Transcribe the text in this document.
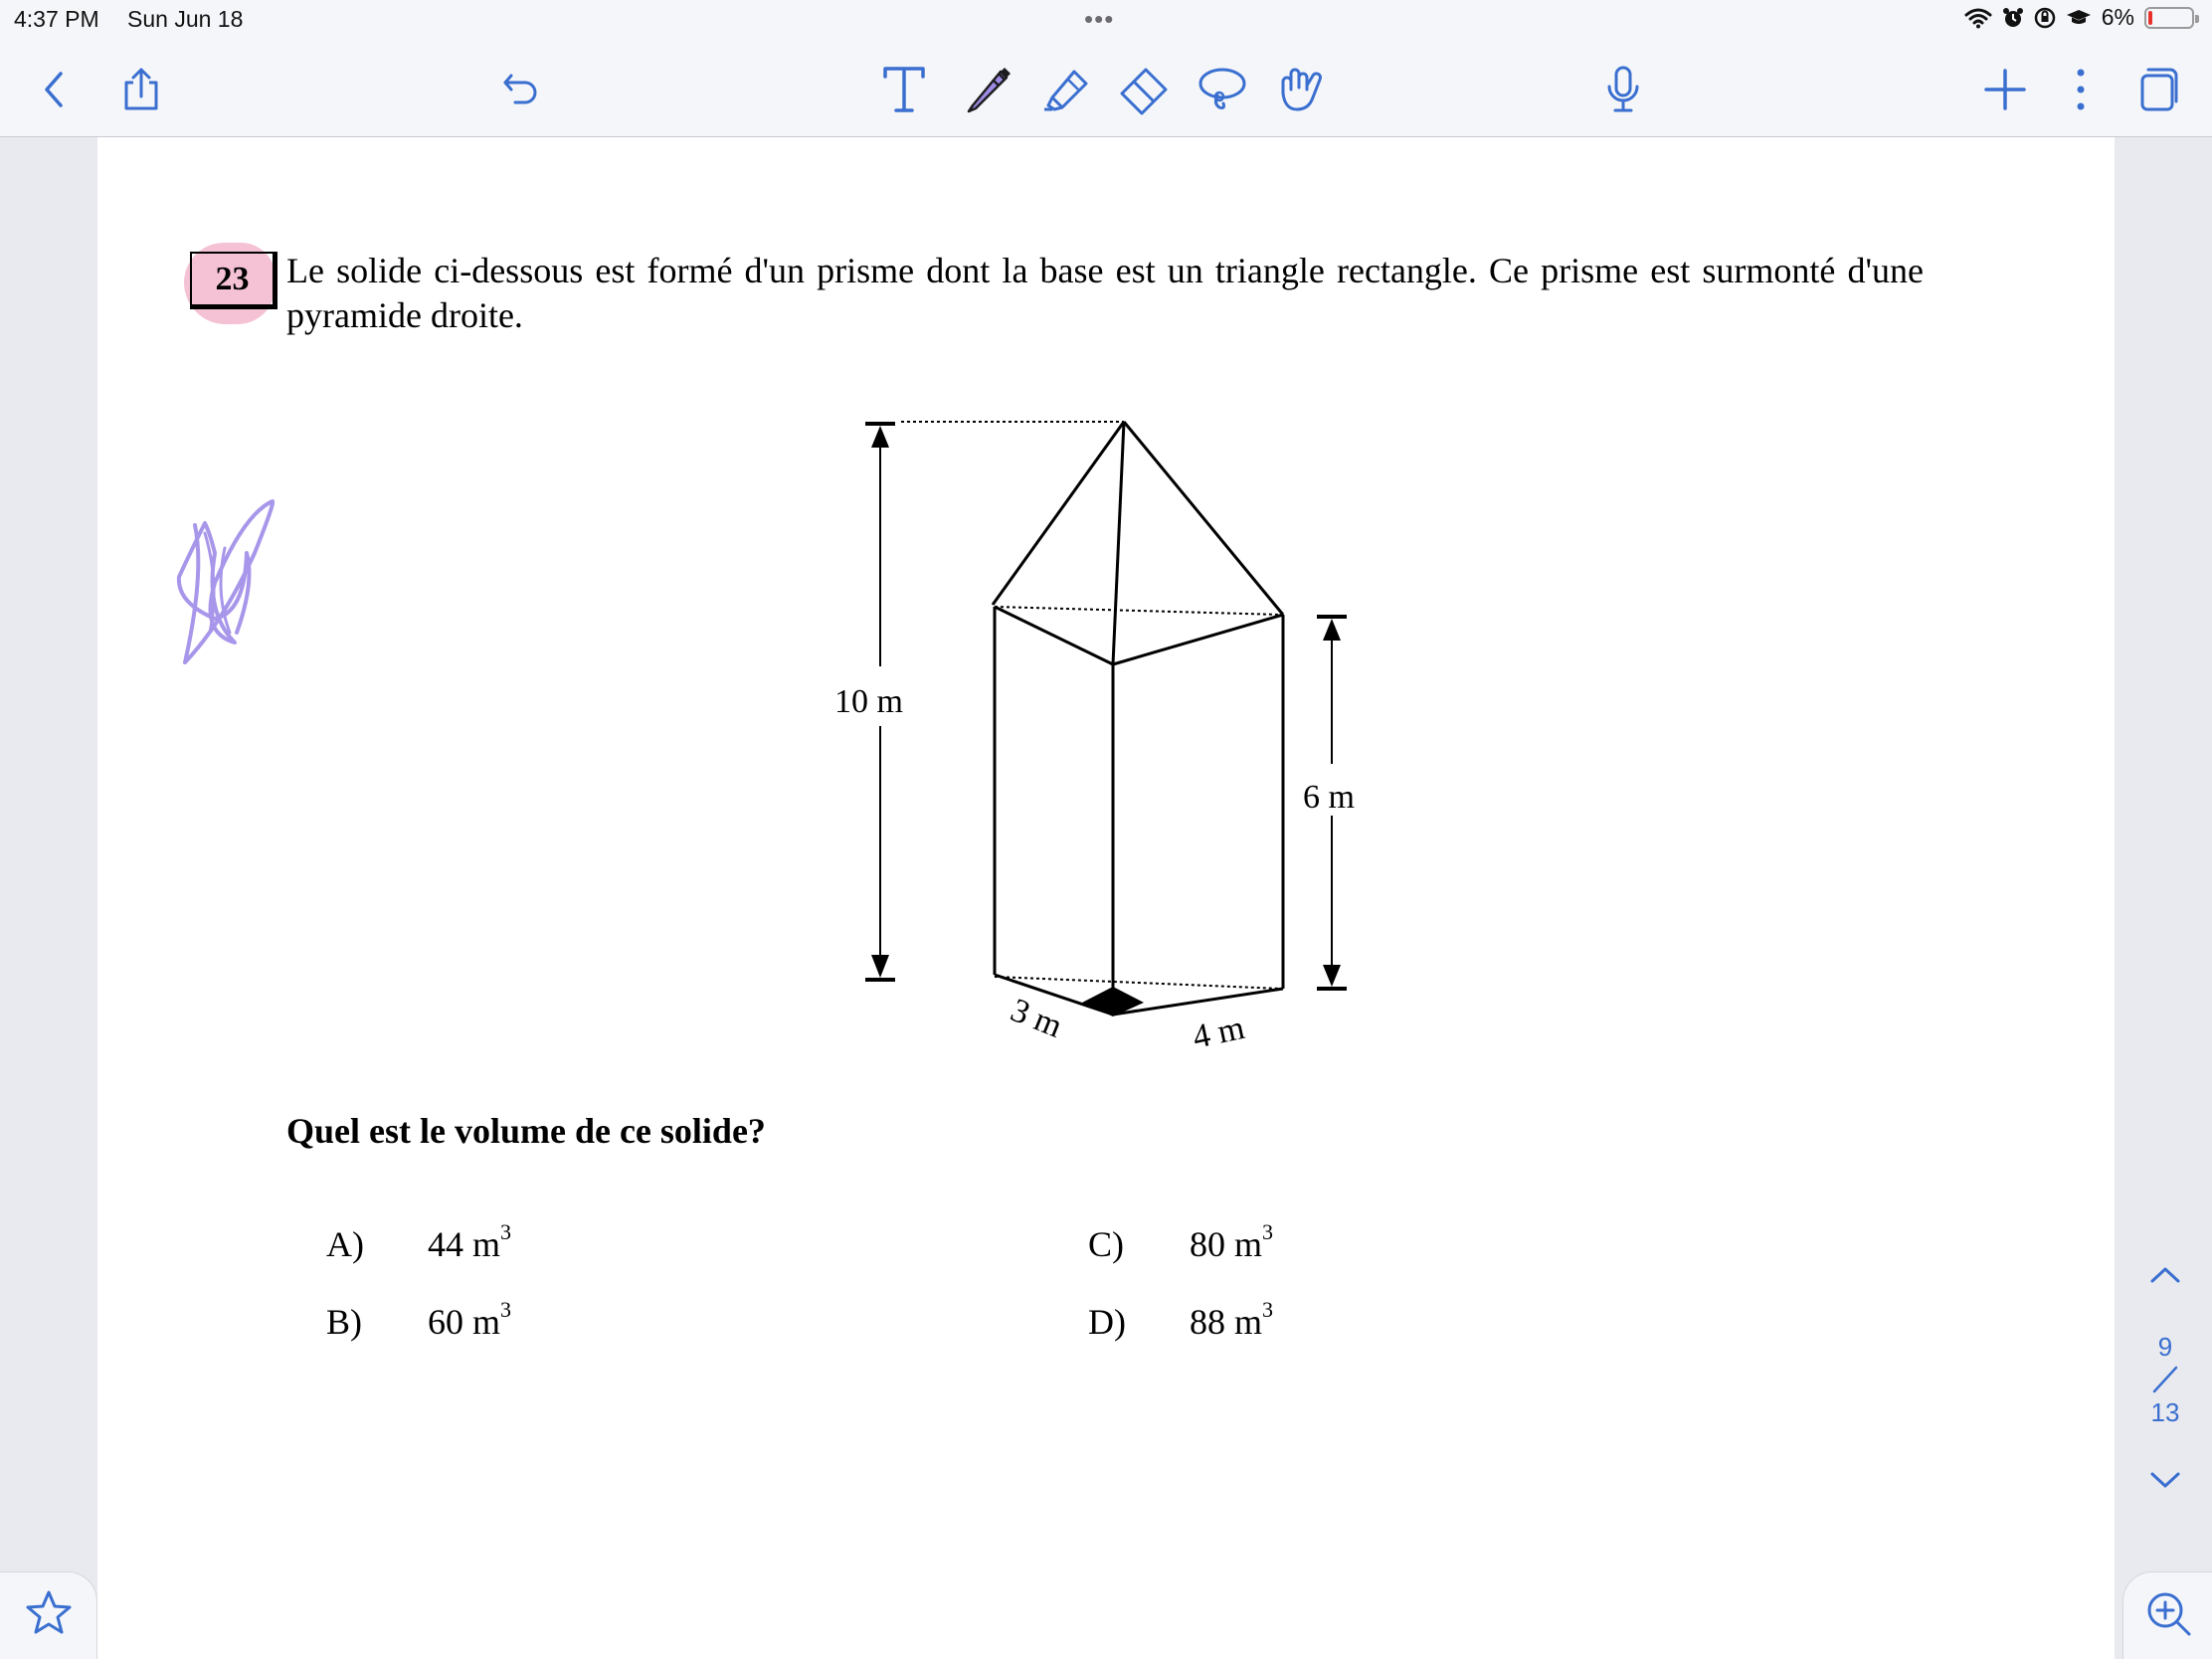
4:37 PM Sun Jun 18	•••	6%
23	Le solide ci-dessous est formé d'un prisme dont la base est un triangle rectangle. Ce prisme est surmonté d'une pyramide droite.
10 m
6 m
3 m	4 m
Quel est le volume de ce solide?
A) 44 $m^3$
B) 60 $m^3$
C) 80 $m^3$
D) 88 $m^3$
9
13
